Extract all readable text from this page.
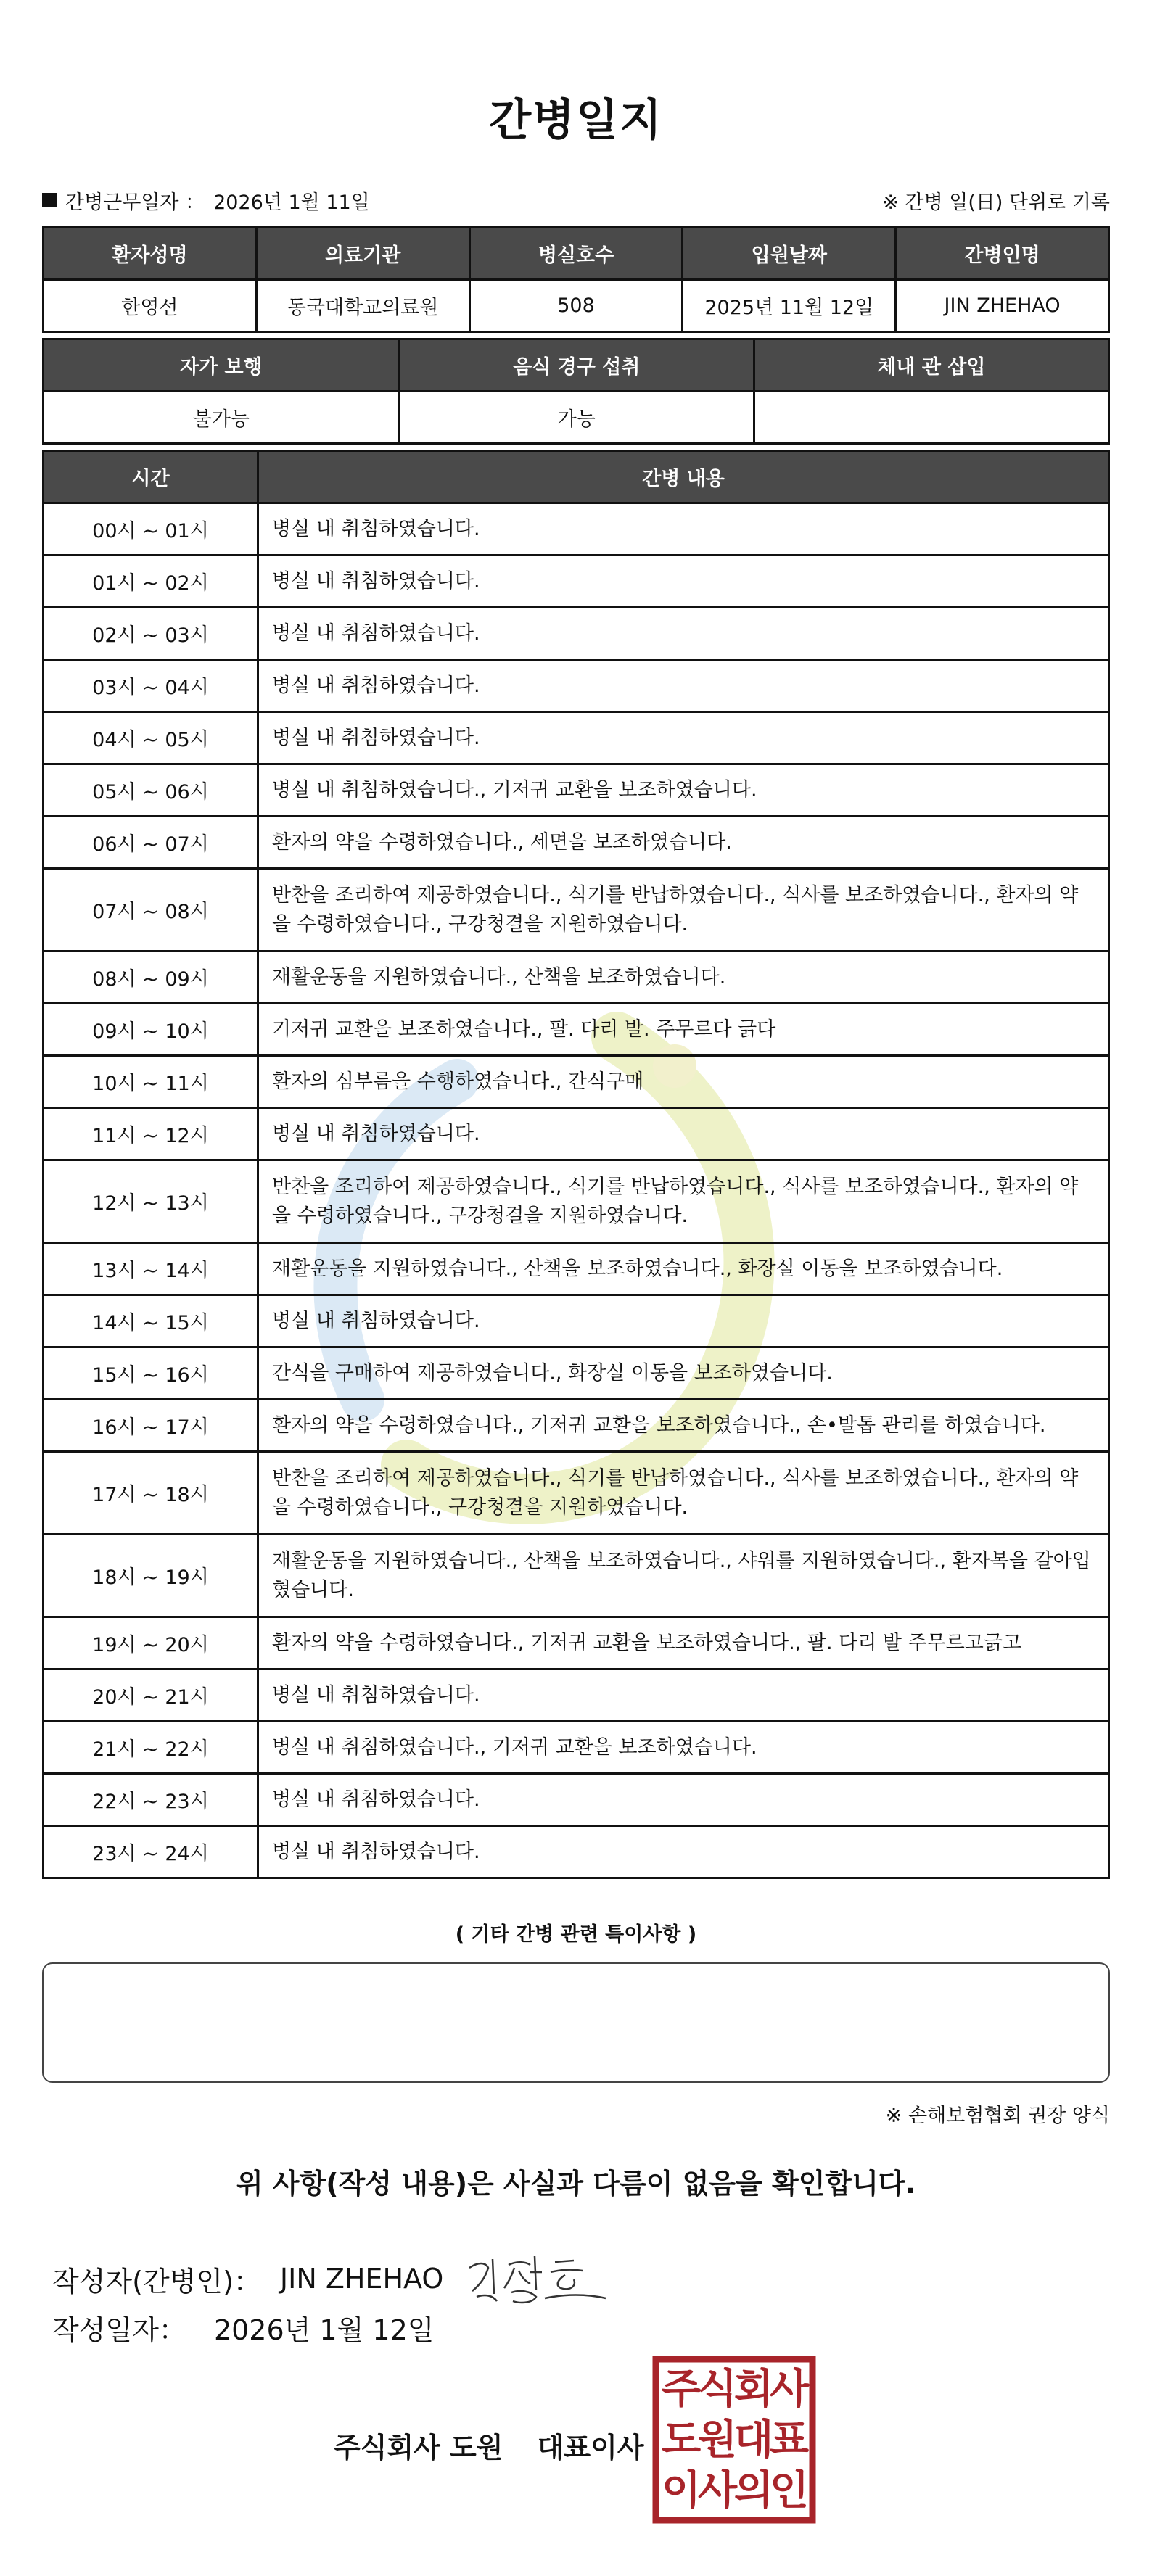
간병일지
간병근무일자 ： 2026년 1월 11일	※ 간병 일(日) 단위로 기록
환자성명	의료기관	병실호수	입원날짜	간병인명
한영선	동국대학교의료원	508	2025년 11월 12일	JIN ZHEHAO
자가 보행	음식 경구 섭취	체내 관 삽입
불가능	가능	
시간	간병 내용
00시 ~ 01시	병실 내 취침하였습니다.
01시 ~ 02시	병실 내 취침하였습니다.
02시 ~ 03시	병실 내 취침하였습니다.
03시 ~ 04시	병실 내 취침하였습니다.
04시 ~ 05시	병실 내 취침하였습니다.
05시 ~ 06시	병실 내 취침하였습니다., 기저귀 교환을 보조하였습니다.
06시 ~ 07시	환자의 약을 수령하였습니다., 세면을 보조하였습니다.
07시 ~ 08시	반찬을 조리하여 제공하였습니다., 식기를 반납하였습니다., 식사를 보조하였습니다., 환자의 약을 수령하였습니다., 구강청결을 지원하였습니다.
08시 ~ 09시	재활운동을 지원하였습니다., 산책을 보조하였습니다.
09시 ~ 10시	기저귀 교환을 보조하였습니다., 팔. 다리 발. 주무르다 긁다
10시 ~ 11시	환자의 심부름을 수행하였습니다., 간식구매
11시 ~ 12시	병실 내 취침하였습니다.
12시 ~ 13시	반찬을 조리하여 제공하였습니다., 식기를 반납하였습니다., 식사를 보조하였습니다., 환자의 약을 수령하였습니다., 구강청결을 지원하였습니다.
13시 ~ 14시	재활운동을 지원하였습니다., 산책을 보조하였습니다., 화장실 이동을 보조하였습니다.
14시 ~ 15시	병실 내 취침하였습니다.
15시 ~ 16시	간식을 구매하여 제공하였습니다., 화장실 이동을 보조하였습니다.
16시 ~ 17시	환자의 약을 수령하였습니다., 기저귀 교환을 보조하였습니다., 손•발톱 관리를 하였습니다.
17시 ~ 18시	반찬을 조리하여 제공하였습니다., 식기를 반납하였습니다., 식사를 보조하였습니다., 환자의 약을 수령하였습니다., 구강청결을 지원하였습니다.
18시 ~ 19시	재활운동을 지원하였습니다., 산책을 보조하였습니다., 샤워를 지원하였습니다., 환자복을 갈아입혔습니다.
19시 ~ 20시	환자의 약을 수령하였습니다., 기저귀 교환을 보조하였습니다., 팔. 다리 발 주무르고긁고
20시 ~ 21시	병실 내 취침하였습니다.
21시 ~ 22시	병실 내 취침하였습니다., 기저귀 교환을 보조하였습니다.
22시 ~ 23시	병실 내 취침하였습니다.
23시 ~ 24시	병실 내 취침하였습니다.
( 기타 간병 관련 특이사항 )
※ 손해보험협회 권장 양식
위 사항(작성 내용)은 사실과 다름이 없음을 확인합니다.
작성자(간병인)： JIN ZHEHAO
작성일자： 2026년 1월 12일
주식회사 도원 대표이사
주
식
회
사
도
원
대
표
이
사
의
인
